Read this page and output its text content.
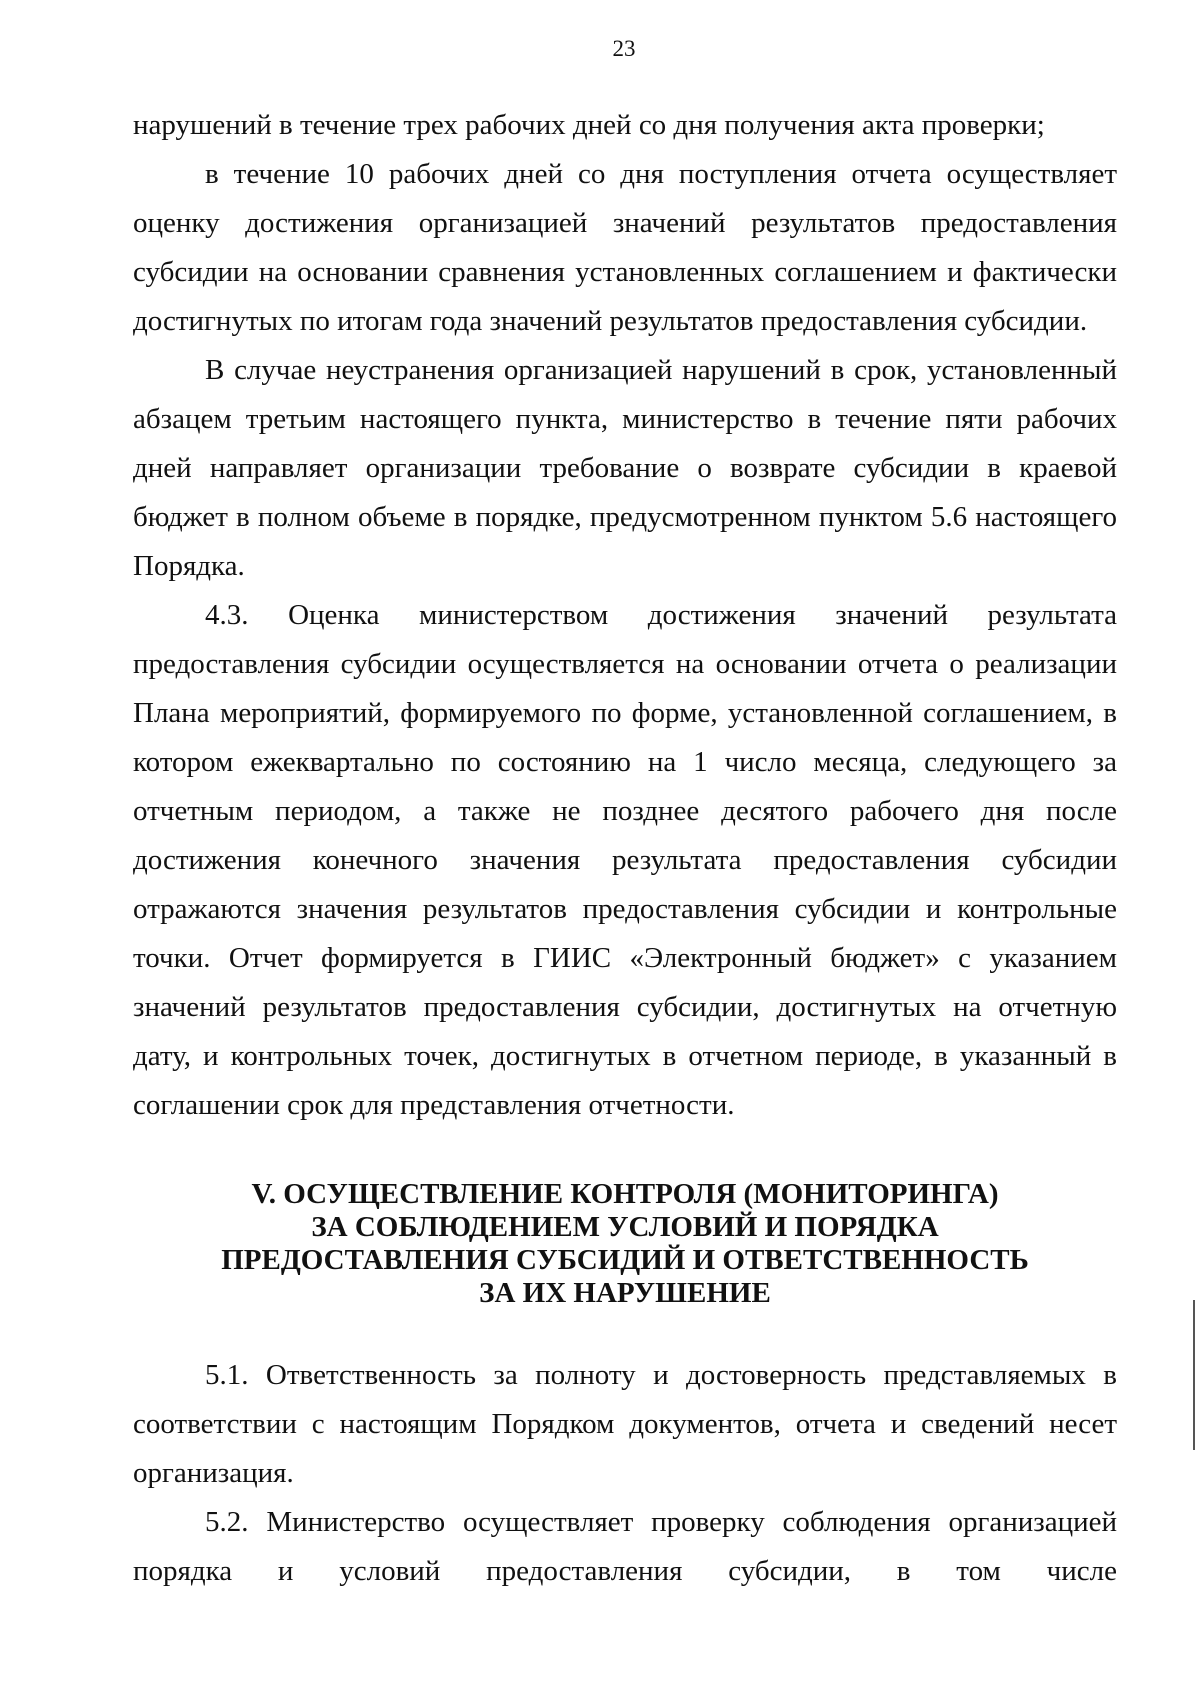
23

нарушений в течение трех рабочих дней со дня получения акта проверки;

в течение 10 рабочих дней со дня поступления отчета осуществляет оценку достижения организацией значений результатов предоставления субсидии на основании сравнения установленных соглашением и фактически достигнутых по итогам года значений результатов предоставления субсидии.

В случае неустранения организацией нарушений в срок, установленный абзацем третьим настоящего пункта, министерство в течение пяти рабочих дней направляет организации требование о возврате субсидии в краевой бюджет в полном объеме в порядке, предусмотренном пунктом 5.6 настоящего Порядка.

4.3. Оценка министерством достижения значений результата предоставления субсидии осуществляется на основании отчета о реализации Плана мероприятий, формируемого по форме, установленной соглашением, в котором ежеквартально по состоянию на 1 число месяца, следующего за отчетным периодом, а также не позднее десятого рабочего дня после достижения конечного значения результата предоставления субсидии отражаются значения результатов предоставления субсидии и контрольные точки. Отчет формируется в ГИИС «Электронный бюджет» с указанием значений результатов предоставления субсидии, достигнутых на отчетную дату, и контрольных точек, достигнутых в отчетном периоде, в указанный в соглашении срок для представления отчетности.

V. ОСУЩЕСТВЛЕНИЕ КОНТРОЛЯ (МОНИТОРИНГА)
ЗА СОБЛЮДЕНИЕМ УСЛОВИЙ И ПОРЯДКА
ПРЕДОСТАВЛЕНИЯ СУБСИДИЙ И ОТВЕТСТВЕННОСТЬ
ЗА ИХ НАРУШЕНИЕ

5.1. Ответственность за полноту и достоверность представляемых в соответствии с настоящим Порядком документов, отчета и сведений несет организация.

5.2. Министерство осуществляет проверку соблюдения организацией порядка и условий предоставления субсидии, в том числе
